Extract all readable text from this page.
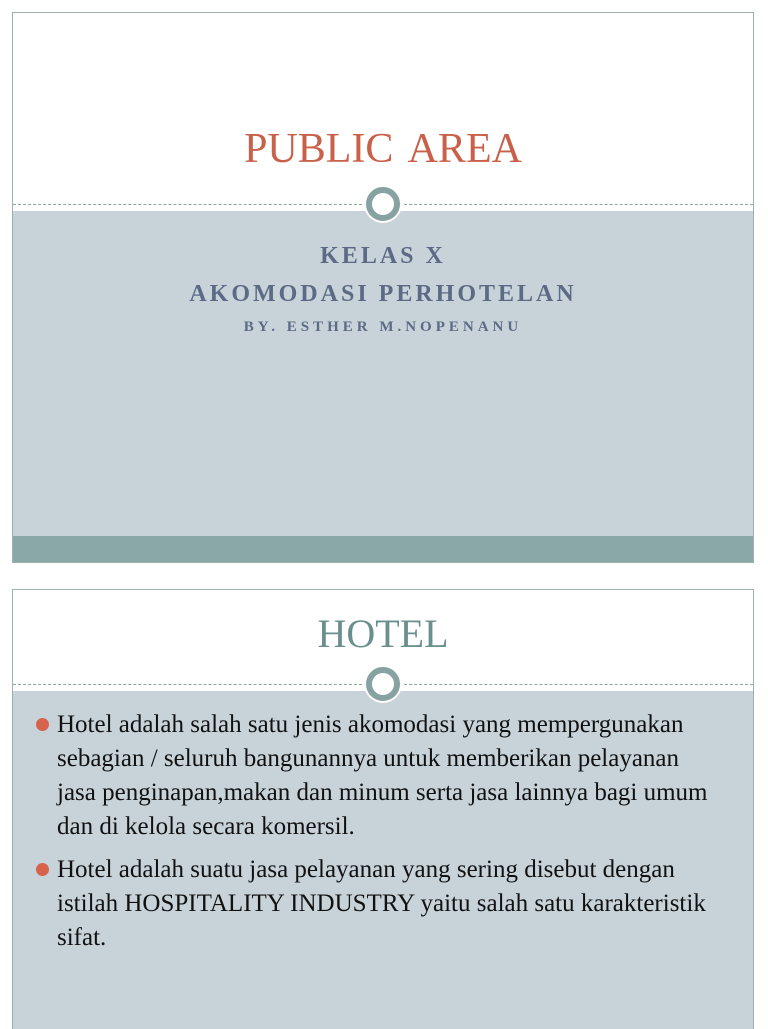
PUBLIC AREA
KELAS X
AKOMODASI PERHOTELAN
BY. ESTHER M.NOPENANU
HOTEL
Hotel adalah salah satu jenis akomodasi yang mempergunakan sebagian / seluruh bangunannya untuk memberikan pelayanan jasa penginapan,makan dan minum serta jasa lainnya bagi umum dan di kelola secara komersil.
Hotel adalah suatu jasa pelayanan yang sering disebut dengan istilah HOSPITALITY INDUSTRY yaitu salah satu karakteristik sifat.
